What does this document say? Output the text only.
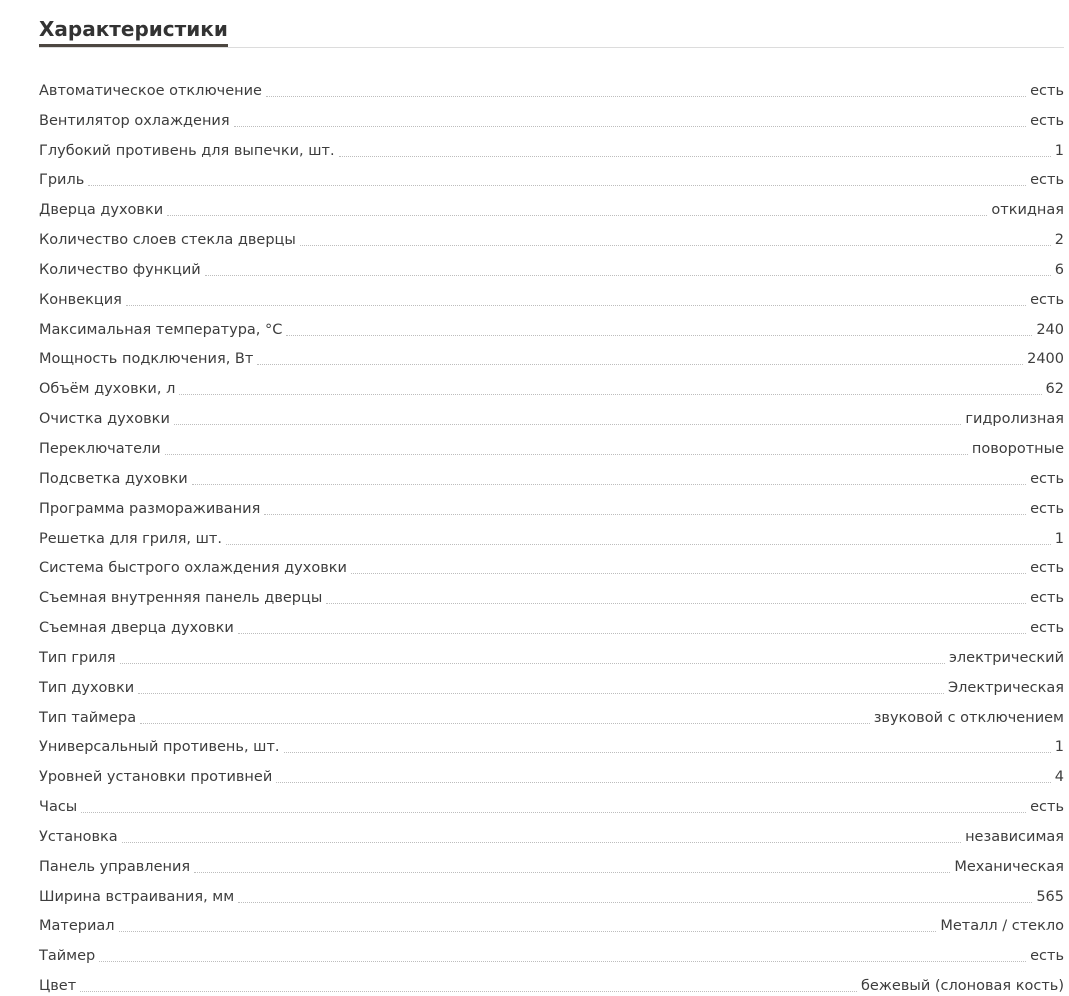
Характеристики
Автоматическое отключение	есть
Вентилятор охлаждения	есть
Глубокий противень для выпечки, шт.	1
Гриль	есть
Дверца духовки	откидная
Количество слоев стекла дверцы	2
Количество функций	6
Конвекция	есть
Максимальная температура, °C	240
Мощность подключения, Вт	2400
Объём духовки, л	62
Очистка духовки	гидролизная
Переключатели	поворотные
Подсветка духовки	есть
Программа размораживания	есть
Решетка для гриля, шт.	1
Система быстрого охлаждения духовки	есть
Съемная внутренняя панель дверцы	есть
Съемная дверца духовки	есть
Тип гриля	электрический
Тип духовки	Электрическая
Тип таймера	звуковой с отключением
Универсальный противень, шт.	1
Уровней установки противней	4
Часы	есть
Установка	независимая
Панель управления	Механическая
Ширина встраивания, мм	565
Материал	Металл / стекло
Таймер	есть
Цвет	бежевый (слоновая кость)
